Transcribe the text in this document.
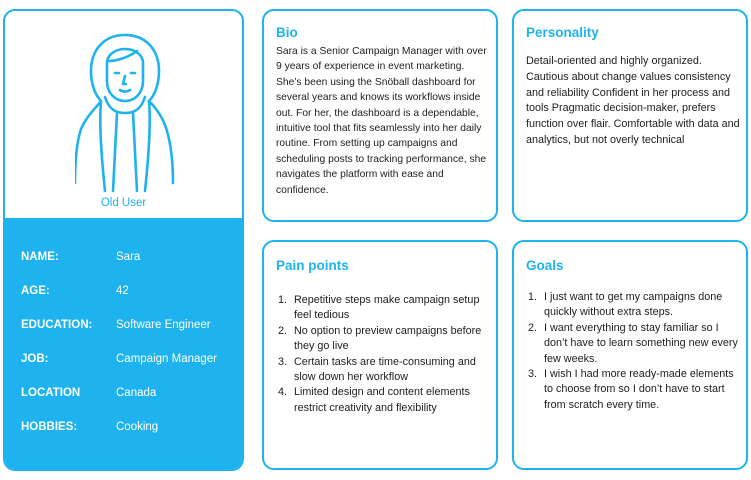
Old User
NAME:	Sara
AGE:	42
EDUCATION: Software Engineer
JOB:	Campaign Manager
LOCATION	Canada
HOBBIES:	Cooking
Bio

Sara is a Senior Campaign Manager with over 9 years of experience in event marketing. She’s been using the Snöball dashboard for several years and knows its workflows inside out. For her, the dashboard is a dependable, intuitive tool that fits seamlessly into her daily routine. From setting up campaigns and scheduling posts to tracking performance, she navigates the platform with ease and confidence.

Personality

Detail-oriented and highly organized. Cautious about change values consistency and reliability Confident in her process and tools Pragmatic decision-maker, prefers function over flair. Comfortable with data and analytics, but not overly technical

Pain points
1. Repetitive steps make campaign setup feel tedious
2. No option to preview campaigns before they go live
3. Certain tasks are time-consuming and slow down her workflow
4. Limited design and content elements restrict creativity and flexibility
Goals
1. I just want to get my campaigns done quickly without extra steps.
2. I want everything to stay familiar so I don’t have to learn something new every few weeks.
3. I wish I had more ready-made elements to choose from so I don’t have to start from scratch every time.
